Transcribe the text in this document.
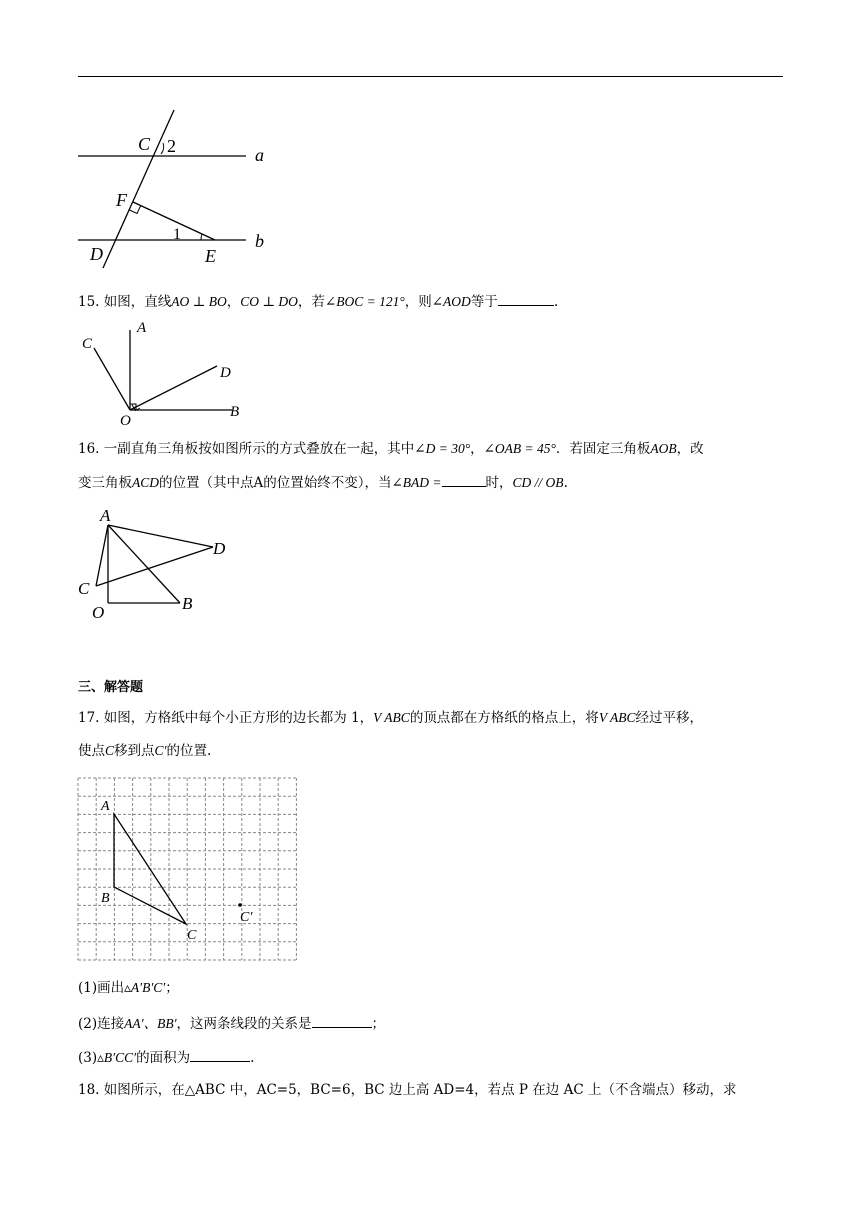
C 2	a
F
1
D	E
b
15. 如图，直线AO ⊥ BO，CO ⊥ DO，若∠BOC = 121°，则∠AOD等于	.
C
A
D
O
B
16. 一副直角三角板按如图所示的方式叠放在一起，其中∠D = 30°，∠OAB = 45°．若固定三角板AOB，改
变三角板ACD的位置（其中点A的位置始终不变），当∠BAD =	时，CD // OB.
A
D
C
O	B
三、解答题
17. 如图，方格纸中每个小正方形的边长都为 1，V ABC的顶点都在方格纸的格点上，将V ABC经过平移，
使点C移到点C′的位置.
A
B
C
C′
(1)画出▵A′B′C′；
(2)连接AA′、BB′，这两条线段的关系是	；
(3)▵B′CC′的面积为	.
18. 如图所示，在△ABC 中，AC=5，BC=6，BC 边上高 AD=4，若点 P 在边 AC 上（不含端点）移动，求
